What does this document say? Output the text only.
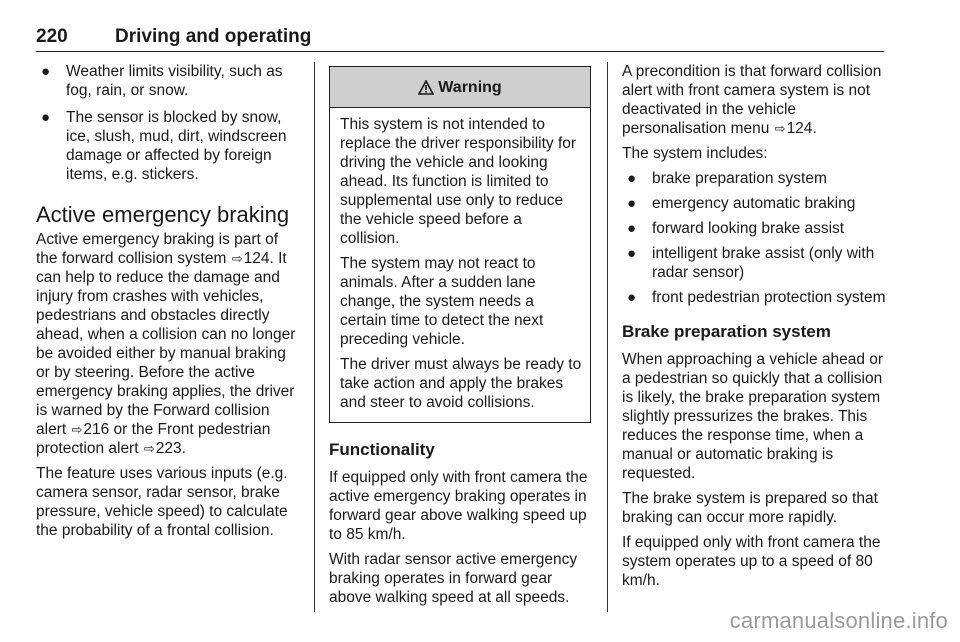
220 Driving and operating
● Weather limits visibility, such as fog, rain, or snow.
● The sensor is blocked by snow, ice, slush, mud, dirt, windscreen damage or affected by foreign items, e.g. stickers.
Active emergency braking

Active emergency braking is part of the forward collision system ⇨124. It can help to reduce the damage and injury from crashes with vehicles, pedestrians and obstacles directly ahead, when a collision can no longer be avoided either by manual braking or by steering. Before the active emergency braking applies, the driver is warned by the Forward collision alert ⇨216 or the Front pedestrian protection alert ⇨223.

The feature uses various inputs (e.g. camera sensor, radar sensor, brake pressure, vehicle speed) to calculate the probability of a frontal collision.

Warning

This system is not intended to replace the driver responsibility for driving the vehicle and looking ahead. Its function is limited to supplemental use only to reduce the vehicle speed before a collision.

The system may not react to animals. After a sudden lane change, the system needs a certain time to detect the next preceding vehicle.

The driver must always be ready to take action and apply the brakes and steer to avoid collisions.

Functionality

If equipped only with front camera the active emergency braking operates in forward gear above walking speed up to 85 km/h.

With radar sensor active emergency braking operates in forward gear above walking speed at all speeds.

A precondition is that forward collision alert with front camera system is not deactivated in the vehicle personalisation menu ⇨124.

The system includes:

● brake preparation system
● emergency automatic braking
● forward looking brake assist
● intelligent brake assist (only with radar sensor)
● front pedestrian protection system
Brake preparation system

When approaching a vehicle ahead or a pedestrian so quickly that a collision is likely, the brake preparation system slightly pressurizes the brakes. This reduces the response time, when a manual or automatic braking is requested.

The brake system is prepared so that braking can occur more rapidly.

If equipped only with front camera the system operates up to a speed of 80 km/h.

carmanualsonline.info
